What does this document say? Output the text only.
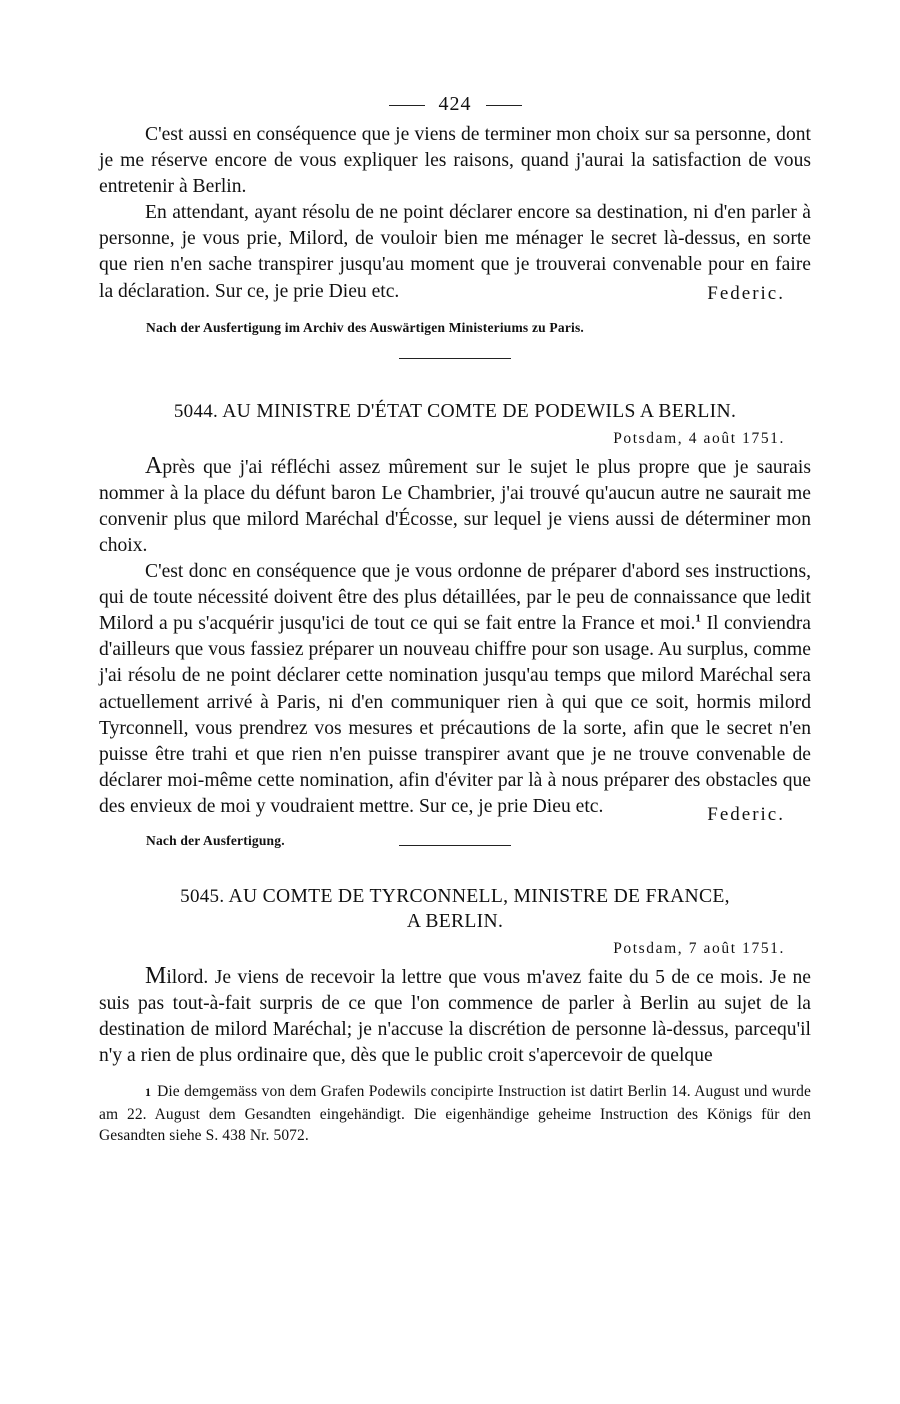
424

C'est aussi en conséquence que je viens de terminer mon choix sur sa personne, dont je me réserve encore de vous expliquer les raisons, quand j'aurai la satisfaction de vous entretenir à Berlin.

En attendant, ayant résolu de ne point déclarer encore sa destination, ni d'en parler à personne, je vous prie, Milord, de vouloir bien me ménager le secret là-dessus, en sorte que rien n'en sache transpirer jusqu'au moment que je trouverai convenable pour en faire la déclaration. Sur ce, je prie Dieu etc.	Federic.
Nach der Ausfertigung im Archiv des Auswärtigen Ministeriums zu Paris.
5044. AU MINISTRE D'ÉTAT COMTE DE PODEWILS A BERLIN.
Potsdam, 4 août 1751.

Après que j'ai réfléchi assez mûrement sur le sujet le plus propre que je saurais nommer à la place du défunt baron Le Chambrier, j'ai trouvé qu'aucun autre ne saurait me convenir plus que milord Maréchal d'Écosse, sur lequel je viens aussi de déterminer mon choix.

C'est donc en conséquence que je vous ordonne de préparer d'abord ses instructions, qui de toute nécessité doivent être des plus détaillées, par le peu de connaissance que ledit Milord a pu s'acquérir jusqu'ici de tout ce qui se fait entre la France et moi.$^1$ Il conviendra d'ailleurs que vous fassiez préparer un nouveau chiffre pour son usage. Au surplus, comme j'ai résolu de ne point déclarer cette nomination jusqu'au temps que milord Maréchal sera actuellement arrivé à Paris, ni d'en communiquer rien à qui que ce soit, hormis milord Tyrconnell, vous prendrez vos mesures et précautions de la sorte, afin que le secret n'en puisse être trahi et que rien n'en puisse transpirer avant que je ne trouve convenable de déclarer moi-même cette nomination, afin d'éviter par là à nous préparer des obstacles que des envieux de moi y voudraient mettre. Sur ce, je prie Dieu etc.	Federic.
Nach der Ausfertigung.
5045. AU COMTE DE TYRCONNELL, MINISTRE DE FRANCE,
A BERLIN.
Potsdam, 7 août 1751.

Milord. Je viens de recevoir la lettre que vous m'avez faite du 5 de ce mois. Je ne suis pas tout-à-fait surpris de ce que l'on commence de parler à Berlin au sujet de la destination de milord Maréchal; je n'accuse la discrétion de personne là-dessus, parcequ'il n'y a rien de plus ordinaire que, dès que le public croit s'apercevoir de quelque

1 Die demgemäss von dem Grafen Podewils concipirte Instruction ist datirt Berlin 14. August und wurde am 22. August dem Gesandten eingehändigt. Die eigenhändige geheime Instruction des Königs für den Gesandten siehe S. 438 Nr. 5072.
